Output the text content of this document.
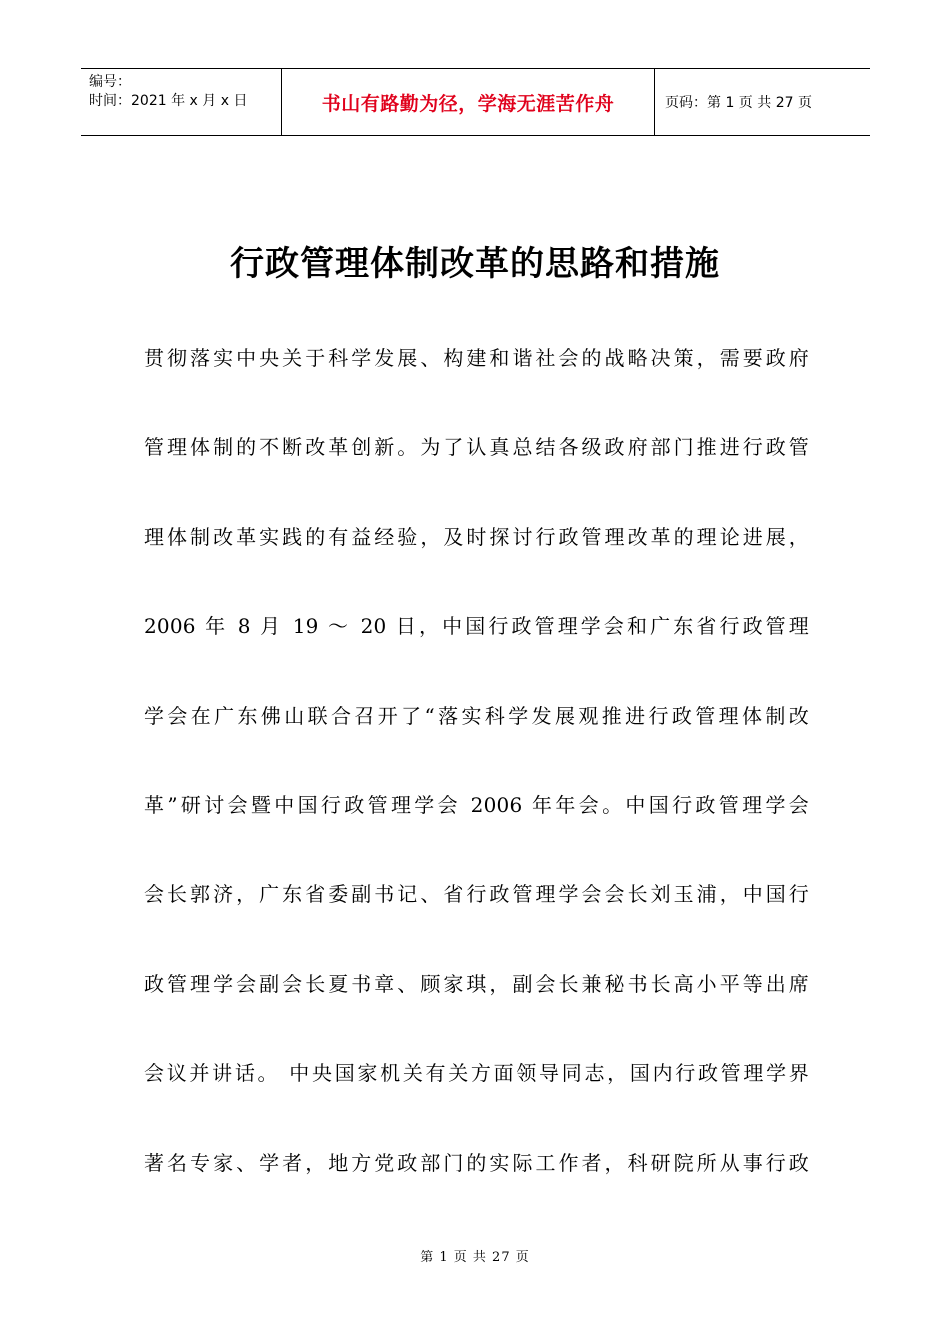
编号：
时间：2021 年 x 月 x 日	书山有路勤为径，学海无涯苦作舟	页码：第 1 页 共 27 页
行政管理体制改革的思路和措施
贯彻落实中央关于科学发展、构建和谐社会的战略决策，需要政府
管理体制的不断改革创新。为了认真总结各级政府部门推进行政管
理体制改革实践的有益经验，及时探讨行政管理改革的理论进展，
2006 年 8 月 19 ～ 20 日，中国行政管理学会和广东省行政管理
学会在广东佛山联合召开了“落实科学发展观推进行政管理体制改
革”研讨会暨中国行政管理学会 2006 年年会。中国行政管理学会
会长郭济，广东省委副书记、省行政管理学会会长刘玉浦，中国行
政管理学会副会长夏书章、顾家琪，副会长兼秘书长高小平等出席
会议并讲话。 中央国家机关有关方面领导同志，国内行政管理学界
著名专家、学者，地方党政部门的实际工作者，科研院所从事行政
第 1 页 共 27 页
